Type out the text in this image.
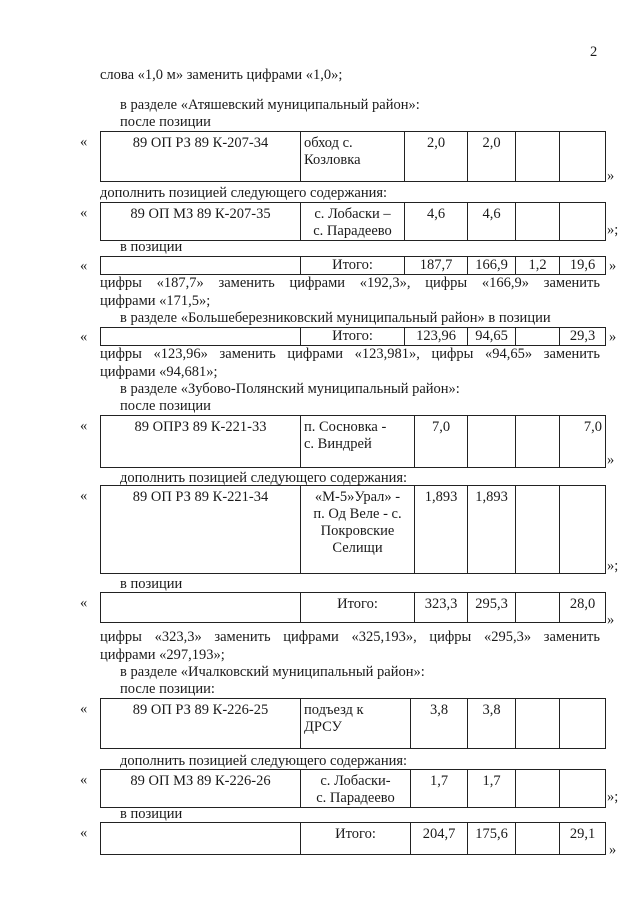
2
слова «1,0 м» заменить цифрами «1,0»;
в разделе «Атяшевский муниципальный район»:
после позиции
«	89 ОП РЗ 89 К-207-34	обход с.
Козловка
	2,0	2,0		
»
дополнить позицией следующего содержания:
«	89 ОП МЗ 89 К-207-35	с. Лобаски –
с. Парадеево
	4,6	4,6		
»;
в позиции
«
		Итого:	187,7	166,9	1,2	19,6 »
цифры «187,7» заменить цифрами «192,3», цифры «166,9» заменить
цифрами «171,5»;
в разделе «Большеберезниковский муниципальный район» в позиции
«
		Итого:	123,96	94,65		29,3 »
цифры «123,96» заменить цифрами «123,981», цифры «94,65» заменить
цифрами «94,681»;
в разделе «Зубово-Полянский муниципальный район»:
после позиции
«	89 ОПРЗ 89 К-221-33	п. Сосновка -
с. Виндрей
	7,0			7,0
»
дополнить позицией следующего содержания:
«	89 ОП РЗ 89 К-221-34	«М-5»Урал» -
п. Од Веле - с.
Покровские
Селищи
	1,893	1,893		
»;
в позиции
«
		Итого:	323,3	295,3		28,0
»
цифры «323,3» заменить цифрами «325,193», цифры «295,3» заменить
цифрами «297,193»;
в разделе «Ичалковский муниципальный район»:
после позиции:
«	89 ОП РЗ 89 К-226-25	подъезд к
ДРСУ
	3,8	3,8		
дополнить позицией следующего содержания:
«	89 ОП МЗ 89 К-226-26	с. Лобаски-
с. Парадеево
	1,7	1,7		
»;
в позиции
«
		Итого:	204,7	175,6		29,1
»
